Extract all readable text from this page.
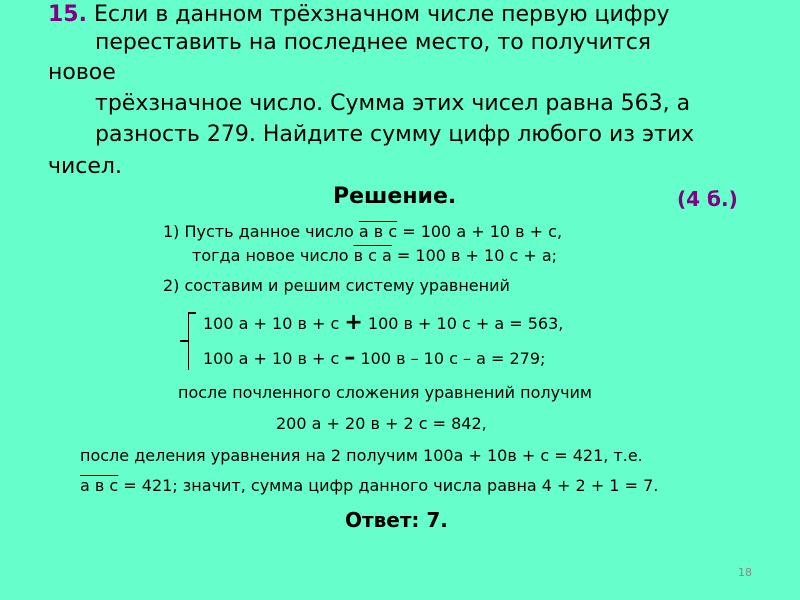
15. Если в данном трёхзначном числе первую цифру
переставить на последнее место, то получится
новое
трёхзначное число. Сумма этих чисел равна 563, а
разность 279. Найдите сумму цифр любого из этих
чисел.
Решение.	(4 б.)
1) Пусть данное число а в с = 100 а + 10 в + с,
тогда новое число в с а = 100 в + 10 с + а;
2) составим и решим систему уравнений
100 а + 10 в + с + 100 в + 10 с + а = 563,
100 а + 10 в + с – 100 в – 10 с – а = 279;
после почленного сложения уравнений получим
200 а + 20 в + 2 с = 842,
после деления уравнения на 2 получим 100а + 10в + с = 421, т.е.
а в с = 421; значит, сумма цифр данного числа равна 4 + 2 + 1 = 7.
Ответ: 7.
18
